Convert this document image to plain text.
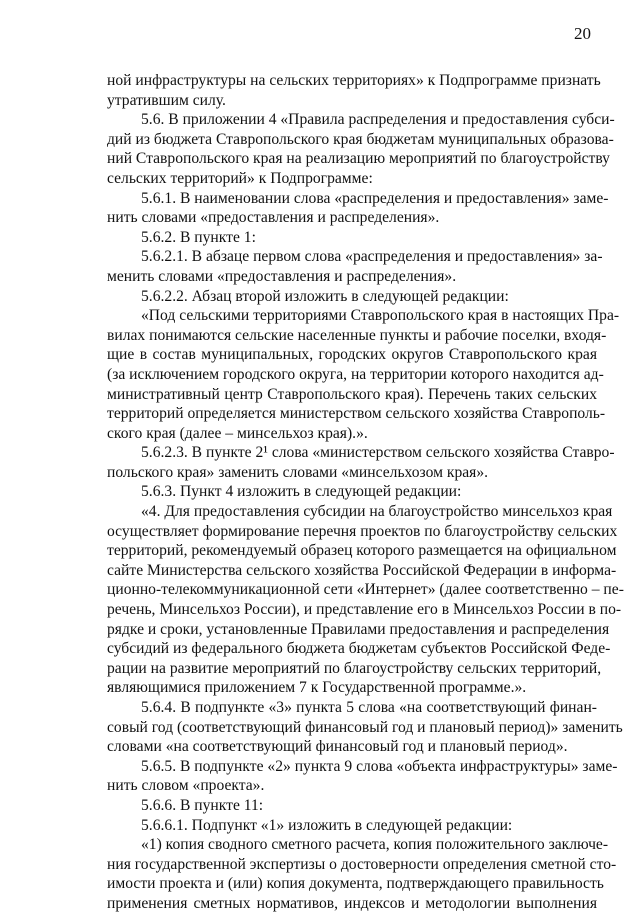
20
ной инфраструктуры на сельских территориях» к Подпрограмме признать
утратившим силу.
5.6. В приложении 4 «Правила распределения и предоставления субси-
дий из бюджета Ставропольского края бюджетам муниципальных образова-
ний Ставропольского края на реализацию мероприятий по благоустройству
сельских территорий» к Подпрограмме:
5.6.1. В наименовании слова «распределения и предоставления» заме-
нить словами «предоставления и распределения».
5.6.2. В пункте 1:
5.6.2.1. В абзаце первом слова «распределения и предоставления» за-
менить словами «предоставления и распределения».
5.6.2.2. Абзац второй изложить в следующей редакции:
«Под сельскими территориями Ставропольского края в настоящих Пра-
вилах понимаются сельские населенные пункты и рабочие поселки, входя-
щие в состав муниципальных, городских округов Ставропольского края
(за исключением городского округа, на территории которого находится ад-
министративный центр Ставропольского края). Перечень таких сельских
территорий определяется министерством сельского хозяйства Ставрополь-
ского края (далее – минсельхоз края).».
5.6.2.3. В пункте 2¹ слова «министерством сельского хозяйства Ставро-
польского края» заменить словами «минсельхозом края».
5.6.3. Пункт 4 изложить в следующей редакции:
«4. Для предоставления субсидии на благоустройство минсельхоз края
осуществляет формирование перечня проектов по благоустройству сельских
территорий, рекомендуемый образец которого размещается на официальном
сайте Министерства сельского хозяйства Российской Федерации в информа-
ционно-телекоммуникационной сети «Интернет» (далее соответственно – пе-
речень, Минсельхоз России), и представление его в Минсельхоз России в по-
рядке и сроки, установленные Правилами предоставления и распределения
субсидий из федерального бюджета бюджетам субъектов Российской Феде-
рации на развитие мероприятий по благоустройству сельских территорий,
являющимися приложением 7 к Государственной программе.».
5.6.4. В подпункте «3» пункта 5 слова «на соответствующий финан-
совый год (соответствующий финансовый год и плановый период)» заменить
словами «на соответствующий финансовый год и плановый период».
5.6.5. В подпункте «2» пункта 9 слова «объекта инфраструктуры» заме-
нить словом «проекта».
5.6.6. В пункте 11:
5.6.6.1. Подпункт «1» изложить в следующей редакции:
«1) копия сводного сметного расчета, копия положительного заключе-
ния государственной экспертизы о достоверности определения сметной сто-
имости проекта и (или) копия документа, подтверждающего правильность
применения сметных нормативов, индексов и методологии выполнения
